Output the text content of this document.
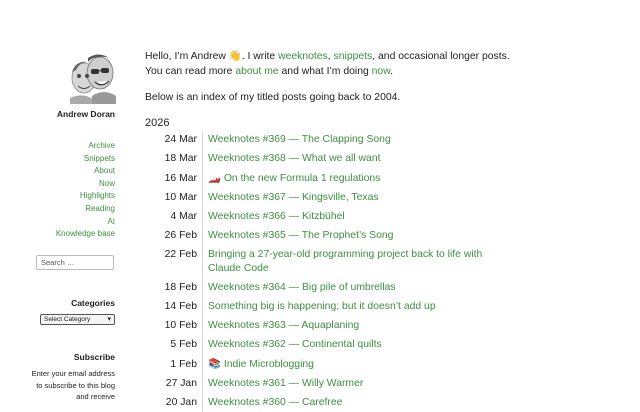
Andrew Doran
Archive
Snippets
About
Now
Highlights
Reading
AI
Knowledge base
Search …
Categories
Select Category ▾
Subscribe
Enter your email address to subscribe to this blog and receive

Hello, I’m Andrew 👋. I write weeknotes, snippets, and occasional longer posts.

You can read more about me and what I’m doing now.

Below is an index of my titled posts going back to 2004.

2026
24 Mar	Weeknotes #369 — The Clapping Song
18 Mar	Weeknotes #368 — What we all want
16 Mar	🏎️ On the new Formula 1 regulations
10 Mar	Weeknotes #367 — Kingsville, Texas
4 Mar	Weeknotes #366 — Kitzbühel
26 Feb	Weeknotes #365 — The Prophet’s Song
22 Feb	Bringing a 27-year-old programming project back to life with Claude Code
18 Feb	Weeknotes #364 — Big pile of umbrellas
14 Feb	Something big is happening; but it doesn’t add up
10 Feb	Weeknotes #363 — Aquaplaning
5 Feb	Weeknotes #362 — Continental quilts
1 Feb	📚 Indie Microblogging
27 Jan	Weeknotes #361 — Willy Warmer
20 Jan	Weeknotes #360 — Carefree
